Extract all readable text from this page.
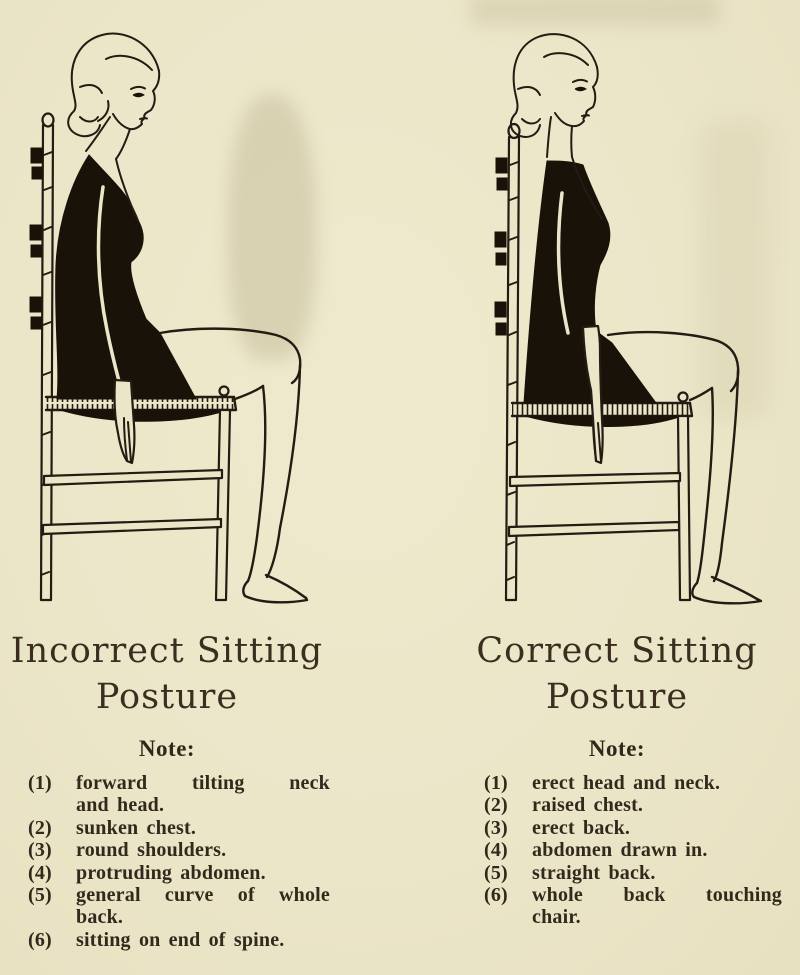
Incorrect Sitting
Posture
Note:
(1)	forward tilting neck
and head.
(2)	sunken chest.
(3)	round shoulders.
(4)	protruding abdomen.
(5)	general curve of whole
back.
(6)	sitting on end of spine.
Correct Sitting
Posture
Note:
(1)	erect head and neck.
(2)	raised chest.
(3)	erect back.
(4)	abdomen drawn in.
(5)	straight back.
(6)	whole back touching
chair.
